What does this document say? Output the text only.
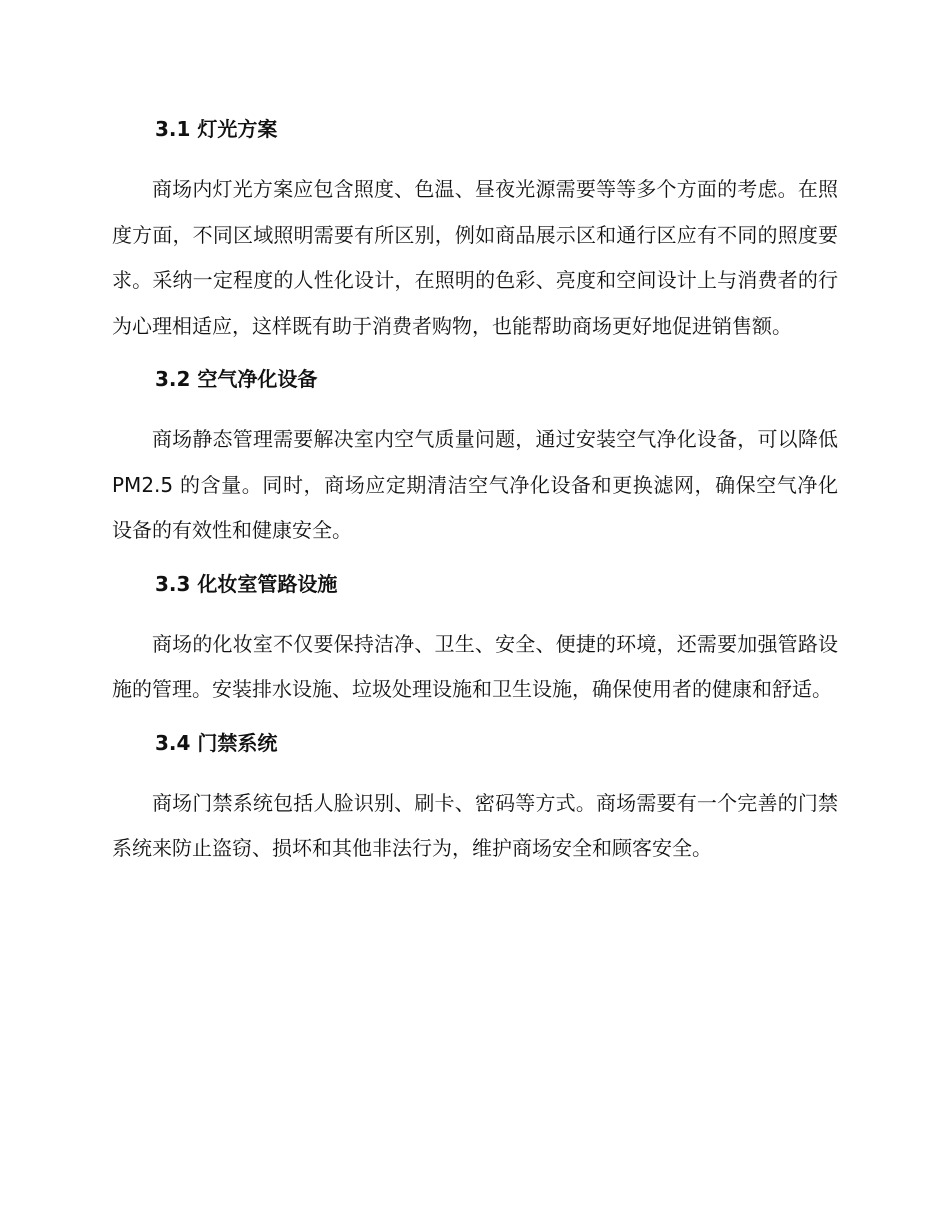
3.1 灯光方案

商场内灯光方案应包含照度、色温、昼夜光源需要等等多个方面的考虑。在照度方面，不同区域照明需要有所区别，例如商品展示区和通行区应有不同的照度要求。采纳一定程度的人性化设计，在照明的色彩、亮度和空间设计上与消费者的行为心理相适应，这样既有助于消费者购物，也能帮助商场更好地促进销售额。

3.2 空气净化设备

商场静态管理需要解决室内空气质量问题，通过安装空气净化设备，可以降低 PM2.5 的含量。同时，商场应定期清洁空气净化设备和更换滤网，确保空气净化设备的有效性和健康安全。

3.3 化妆室管路设施

商场的化妆室不仅要保持洁净、卫生、安全、便捷的环境，还需要加强管路设施的管理。安装排水设施、垃圾处理设施和卫生设施，确保使用者的健康和舒适。

3.4 门禁系统

商场门禁系统包括人脸识别、刷卡、密码等方式。商场需要有一个完善的门禁系统来防止盗窃、损坏和其他非法行为，维护商场安全和顾客安全。
